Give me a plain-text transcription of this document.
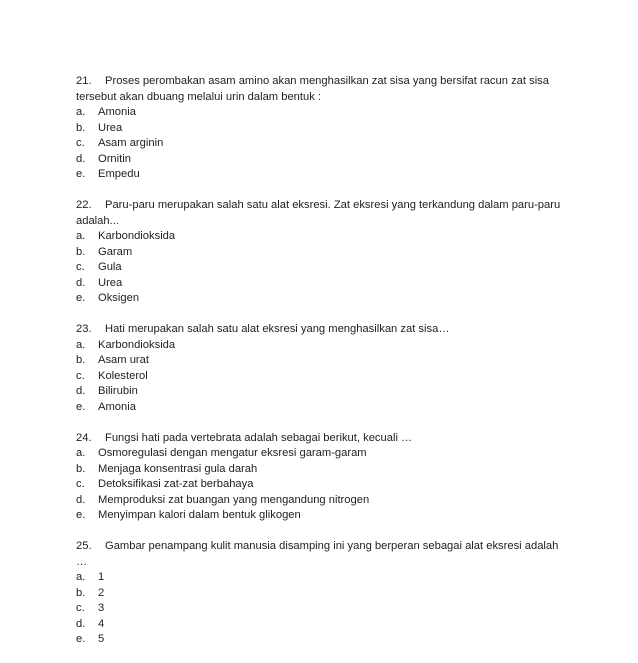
21. Proses perombakan asam amino akan menghasilkan zat sisa yang bersifat racun zat sisa tersebut akan dbuang melalui urin dalam bentuk :
a. Amonia
b. Urea
c. Asam arginin
d. Ornitin
e. Empedu
22. Paru-paru merupakan salah satu alat eksresi. Zat eksresi yang terkandung dalam paru-paru adalah...
a. Karbondioksida
b. Garam
c. Gula
d. Urea
e. Oksigen
23. Hati merupakan salah satu alat eksresi yang menghasilkan zat sisa…
a. Karbondioksida
b. Asam urat
c. Kolesterol
d. Bilirubin
e. Amonia
24. Fungsi hati pada vertebrata adalah sebagai berikut, kecuali …
a. Osmoregulasi dengan mengatur eksresi garam-garam
b. Menjaga konsentrasi gula darah
c. Detoksifikasi zat-zat berbahaya
d. Memproduksi zat buangan yang mengandung nitrogen
e. Menyimpan kalori dalam bentuk glikogen
25. Gambar penampang kulit manusia disamping ini yang berperan sebagai alat eksresi adalah …
a. 1
b. 2
c. 3
d. 4
e. 5
